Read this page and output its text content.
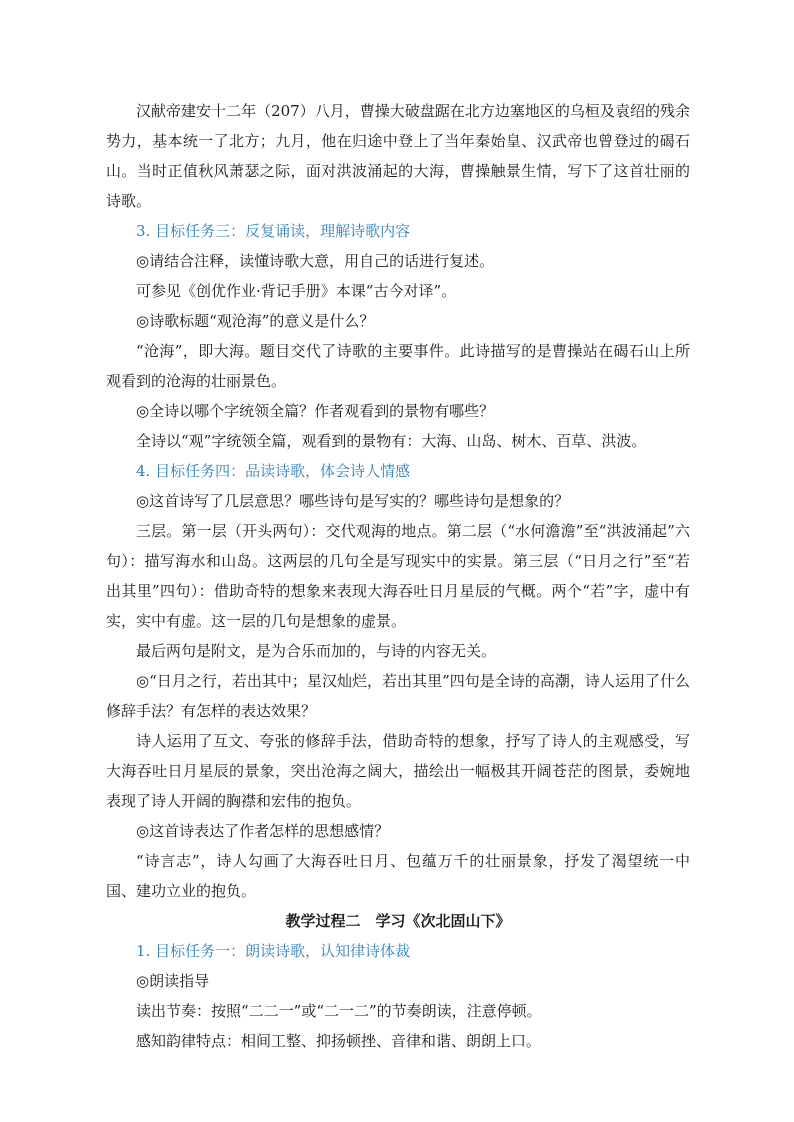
汉献帝建安十二年（207）八月，曹操大破盘踞在北方边塞地区的乌桓及袁绍的残余势力，基本统一了北方；九月，他在归途中登上了当年秦始皇、汉武帝也曾登过的碣石山。当时正值秋风萧瑟之际，面对洪波涌起的大海，曹操触景生情，写下了这首壮丽的诗歌。

3. 目标任务三：反复诵读，理解诗歌内容

◎请结合注释，读懂诗歌大意，用自己的话进行复述。

可参见《创优作业·背记手册》本课“古今对译”。

◎诗歌标题“观沧海”的意义是什么？

“沧海”，即大海。题目交代了诗歌的主要事件。此诗描写的是曹操站在碣石山上所观看到的沧海的壮丽景色。

◎全诗以哪个字统领全篇？作者观看到的景物有哪些？

全诗以“观”字统领全篇，观看到的景物有：大海、山岛、树木、百草、洪波。

4. 目标任务四：品读诗歌，体会诗人情感

◎这首诗写了几层意思？哪些诗句是写实的？哪些诗句是想象的？

三层。第一层（开头两句）：交代观海的地点。第二层（“水何澹澹”至“洪波涌起”六句）：描写海水和山岛。这两层的几句全是写现实中的实景。第三层（“日月之行”至“若出其里”四句）：借助奇特的想象来表现大海吞吐日月星辰的气概。两个“若”字，虚中有实，实中有虚。这一层的几句是想象的虚景。

最后两句是附文，是为合乐而加的，与诗的内容无关。

◎“日月之行，若出其中；星汉灿烂，若出其里”四句是全诗的高潮，诗人运用了什么修辞手法？有怎样的表达效果？

诗人运用了互文、夸张的修辞手法，借助奇特的想象，抒写了诗人的主观感受，写大海吞吐日月星辰的景象，突出沧海之阔大，描绘出一幅极其开阔苍茫的图景，委婉地表现了诗人开阔的胸襟和宏伟的抱负。

◎这首诗表达了作者怎样的思想感情？

“诗言志”，诗人勾画了大海吞吐日月、包蕴万千的壮丽景象，抒发了渴望统一中国、建功立业的抱负。

教学过程二　学习《次北固山下》

1. 目标任务一：朗读诗歌，认知律诗体裁

◎朗读指导

读出节奏：按照“二二一”或“二一二”的节奏朗读，注意停顿。

感知韵律特点：相间工整、抑扬顿挫、音律和谐、朗朗上口。
